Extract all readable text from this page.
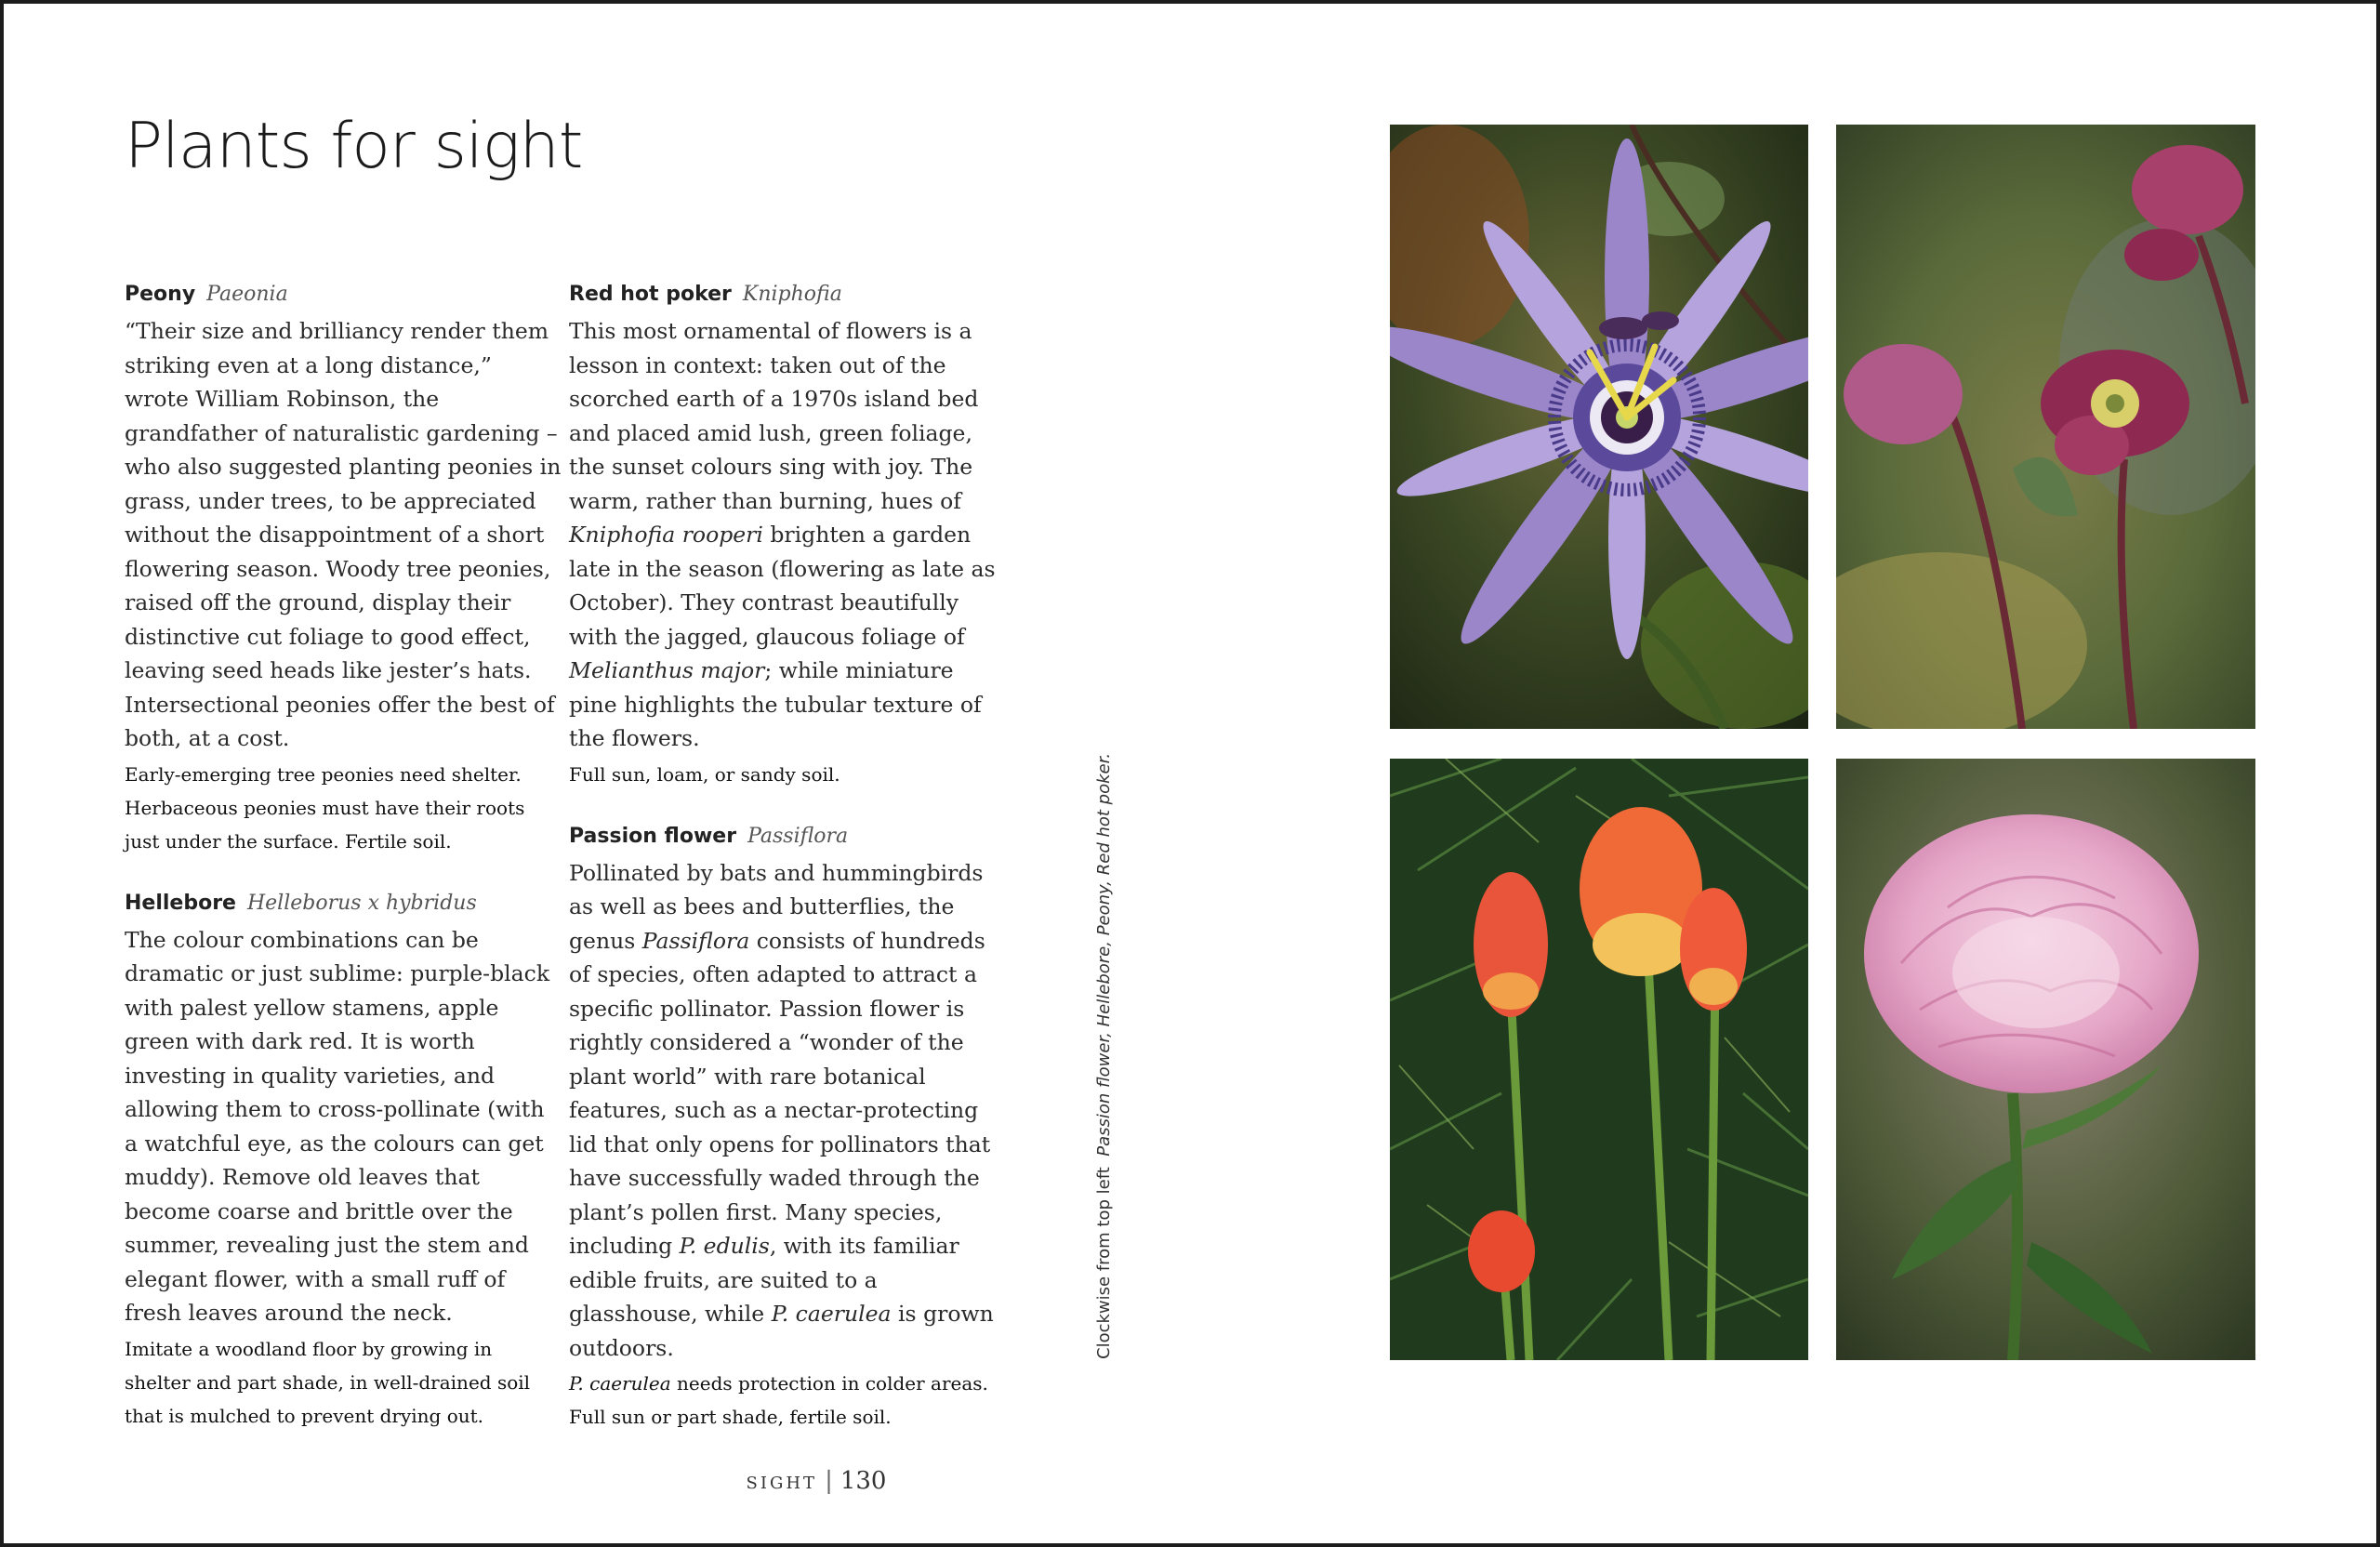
Plants for sight
Peony Paeonia
“Their size and brilliancy render them striking even at a long distance,” wrote William Robinson, the grandfather of naturalistic gardening – who also suggested planting peonies in grass, under trees, to be appreciated without the disappointment of a short flowering season. Woody tree peonies, raised off the ground, display their distinctive cut foliage to good effect, leaving seed heads like jester’s hats. Intersectional peonies offer the best of both, at a cost.
Early-emerging tree peonies need shelter. Herbaceous peonies must have their roots just under the surface. Fertile soil.
Hellebore Helleborus x hybridus
The colour combinations can be dramatic or just sublime: purple-black with palest yellow stamens, apple green with dark red. It is worth investing in quality varieties, and allowing them to cross-pollinate (with a watchful eye, as the colours can get muddy). Remove old leaves that become coarse and brittle over the summer, revealing just the stem and elegant flower, with a small ruff of fresh leaves around the neck.
Imitate a woodland floor by growing in shelter and part shade, in well-drained soil that is mulched to prevent drying out.
Red hot poker Kniphofia
This most ornamental of flowers is a lesson in context: taken out of the scorched earth of a 1970s island bed and placed amid lush, green foliage, the sunset colours sing with joy. The warm, rather than burning, hues of Kniphofia rooperi brighten a garden late in the season (flowering as late as October). They contrast beautifully with the jagged, glaucous foliage of Melianthus major; while miniature pine highlights the tubular texture of the flowers.
Full sun, loam, or sandy soil.
Passion flower Passiflora
Pollinated by bats and hummingbirds as well as bees and butterflies, the genus Passiflora consists of hundreds of species, often adapted to attract a specific pollinator. Passion flower is rightly considered a “wonder of the plant world” with rare botanical features, such as a nectar-protecting lid that only opens for pollinators that have successfully waded through the plant’s pollen first. Many species, including P. edulis, with its familiar edible fruits, are suited to a glasshouse, while P. caerulea is grown outdoors.
P. caerulea needs protection in colder areas. Full sun or part shade, fertile soil.
Clockwise from top left  Passion flower, Hellebore, Peony, Red hot poker.
SIGHT | 130
